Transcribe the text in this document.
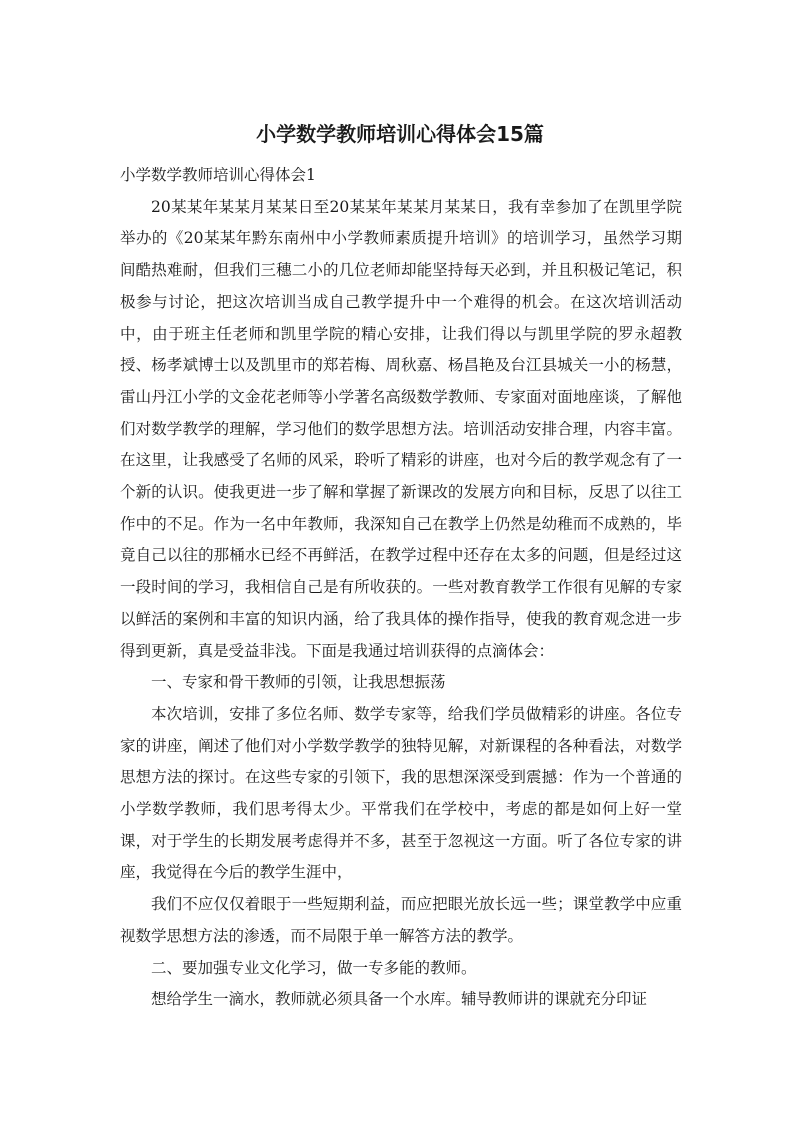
小学数学教师培训心得体会15篇

小学数学教师培训心得体会1

20某某年某某月某某日至20某某年某某月某某日，我有幸参加了在凯里学院举办的《20某某年黔东南州中小学教师素质提升培训》的培训学习，虽然学习期间酷热难耐，但我们三穗二小的几位老师却能坚持每天必到，并且积极记笔记，积极参与讨论，把这次培训当成自己教学提升中一个难得的机会。在这次培训活动中，由于班主任老师和凯里学院的精心安排，让我们得以与凯里学院的罗永超教授、杨孝斌博士以及凯里市的郑若梅、周秋嘉、杨昌艳及台江县城关一小的杨慧，雷山丹江小学的文金花老师等小学著名高级数学教师、专家面对面地座谈，了解他们对数学教学的理解，学习他们的数学思想方法。培训活动安排合理，内容丰富。在这里，让我感受了名师的风采，聆听了精彩的讲座，也对今后的教学观念有了一个新的认识。使我更进一步了解和掌握了新课改的发展方向和目标，反思了以往工作中的不足。作为一名中年教师，我深知自己在教学上仍然是幼稚而不成熟的，毕竟自己以往的那桶水已经不再鲜活，在教学过程中还存在太多的问题，但是经过这一段时间的学习，我相信自己是有所收获的。一些对教育教学工作很有见解的专家以鲜活的案例和丰富的知识内涵，给了我具体的操作指导，使我的教育观念进一步得到更新，真是受益非浅。下面是我通过培训获得的点滴体会：

一、专家和骨干教师的引领，让我思想振荡

本次培训，安排了多位名师、数学专家等，给我们学员做精彩的讲座。各位专家的讲座，阐述了他们对小学数学教学的独特见解，对新课程的各种看法，对数学思想方法的探讨。在这些专家的引领下，我的思想深深受到震撼：作为一个普通的小学数学教师，我们思考得太少。平常我们在学校中，考虑的都是如何上好一堂课，对于学生的长期发展考虑得并不多，甚至于忽视这一方面。听了各位专家的讲座，我觉得在今后的教学生涯中，

我们不应仅仅着眼于一些短期利益，而应把眼光放长远一些；课堂教学中应重视数学思想方法的渗透，而不局限于单一解答方法的教学。

二、要加强专业文化学习，做一专多能的教师。

想给学生一滴水，教师就必须具备一个水库。辅导教师讲的课就充分印证
